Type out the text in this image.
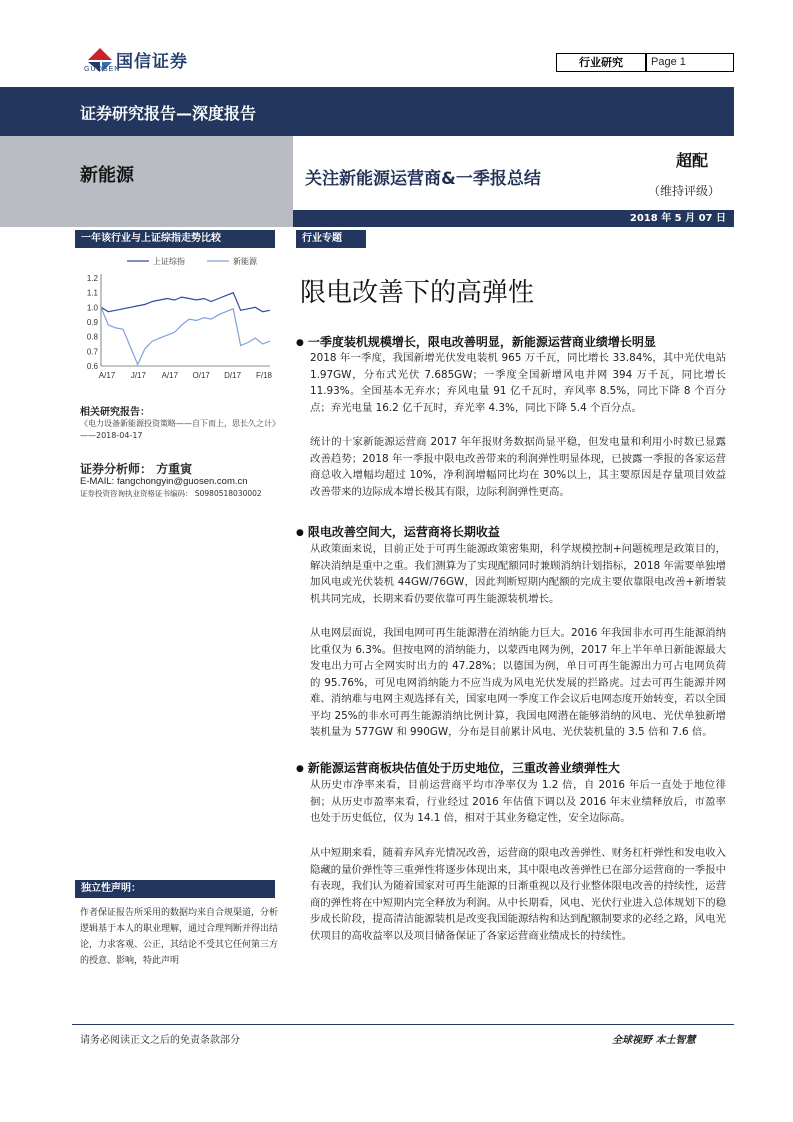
国信证券
GUOSEN
行业研究	Page 1
证券研究报告—深度报告
新能源	关注新能源运营商&一季报总结
超配
（维持评级）
2018 年 5 月 07 日
一年该行业与上证综指走势比较
1.2
1.1
1.0
0.9
0.8
0.7
0.6
A/17 J/17 A/17 O/17 D/17 F/18
上证综指	新能源
相关研究报告：
《电力设备新能源投资策略——自下而上，思长久之计》 ——2018-04-17
证券分析师： 方重寅
E-MAIL: fangchongyin@guosen.com.cn
证券投资咨询执业资格证书编码： S0980518030002
独立性声明：
作者保证报告所采用的数据均来自合规渠道，分析逻辑基于本人的职业理解，通过合理判断并得出结论，力求客观、公正，其结论不受其它任何第三方的授意、影响，特此声明
行业专题
限电改善下的高弹性
● 一季度装机规模增长，限电改善明显，新能源运营商业绩增长明显
2018 年一季度，我国新增光伏发电装机 965 万千瓦，同比增长 33.84%，其中光伏电站 1.97GW，分布式光伏 7.685GW；一季度全国新增风电并网 394 万千瓦，同比增长 11.93%。全国基本无弃水；弃风电量 91 亿千瓦时，弃风率 8.5%，同比下降 8 个百分点；弃光电量 16.2 亿千瓦时，弃光率 4.3%，同比下降 5.4 个百分点。
统计的十家新能源运营商 2017 年年报财务数据尚显平稳，但发电量和利用小时数已显露改善趋势；2018 年一季报中限电改善带来的利润弹性明显体现，已披露一季报的各家运营商总收入增幅均超过 10%，净利润增幅同比均在 30%以上，其主要原因是存量项目效益改善带来的边际成本增长极其有限，边际利润弹性更高。
● 限电改善空间大，运营商将长期收益
从政策面来说，目前正处于可再生能源政策密集期，科学规模控制+问题梳理是政策目的，解决消纳是重中之重。我们测算为了实现配额同时兼顾消纳计划指标，2018 年需要单独增加风电或光伏装机 44GW/76GW，因此判断短期内配额的完成主要依靠限电改善+新增装机共同完成，长期来看仍要依靠可再生能源装机增长。
从电网层面说，我国电网可再生能源潜在消纳能力巨大。2016 年我国非水可再生能源消纳比重仅为 6.3%。但按电网的消纳能力，以蒙西电网为例，2017 年上半年单日新能源最大发电出力可占全网实时出力的 47.28%；以德国为例，单日可再生能源出力可占电网负荷的 95.76%，可见电网消纳能力不应当成为风电光伏发展的拦路虎。过去可再生能源并网难、消纳难与电网主观选择有关，国家电网一季度工作会议后电网态度开始转变，若以全国平均 25%的非水可再生能源消纳比例计算，我国电网潜在能够消纳的风电、光伏单独新增装机量为 577GW 和 990GW，分布是目前累计风电、光伏装机量的 3.5 倍和 7.6 倍。
● 新能源运营商板块估值处于历史地位，三重改善业绩弹性大
从历史市净率来看，目前运营商平均市净率仅为 1.2 倍，自 2016 年后一直处于地位徘徊；从历史市盈率来看，行业经过 2016 年估值下调以及 2016 年末业绩释放后，市盈率也处于历史低位，仅为 14.1 倍，相对于其业务稳定性，安全边际高。
从中短期来看，随着弃风弃光情况改善，运营商的限电改善弹性、财务杠杆弹性和发电收入隐藏的量价弹性等三重弹性将逐步体现出来，其中限电改善弹性已在部分运营商的一季报中有表现，我们认为随着国家对可再生能源的日渐重视以及行业整体限电改善的持续性，运营商的弹性将在中短期内完全释放为利润。从中长期看，风电、光伏行业进入总体规划下的稳步成长阶段，提高清洁能源装机是改变我国能源结构和达到配额制要求的必经之路，风电光伏项目的高收益率以及项目储备保证了各家运营商业绩成长的持续性。
请务必阅读正文之后的免责条款部分	全球视野 本土智慧
